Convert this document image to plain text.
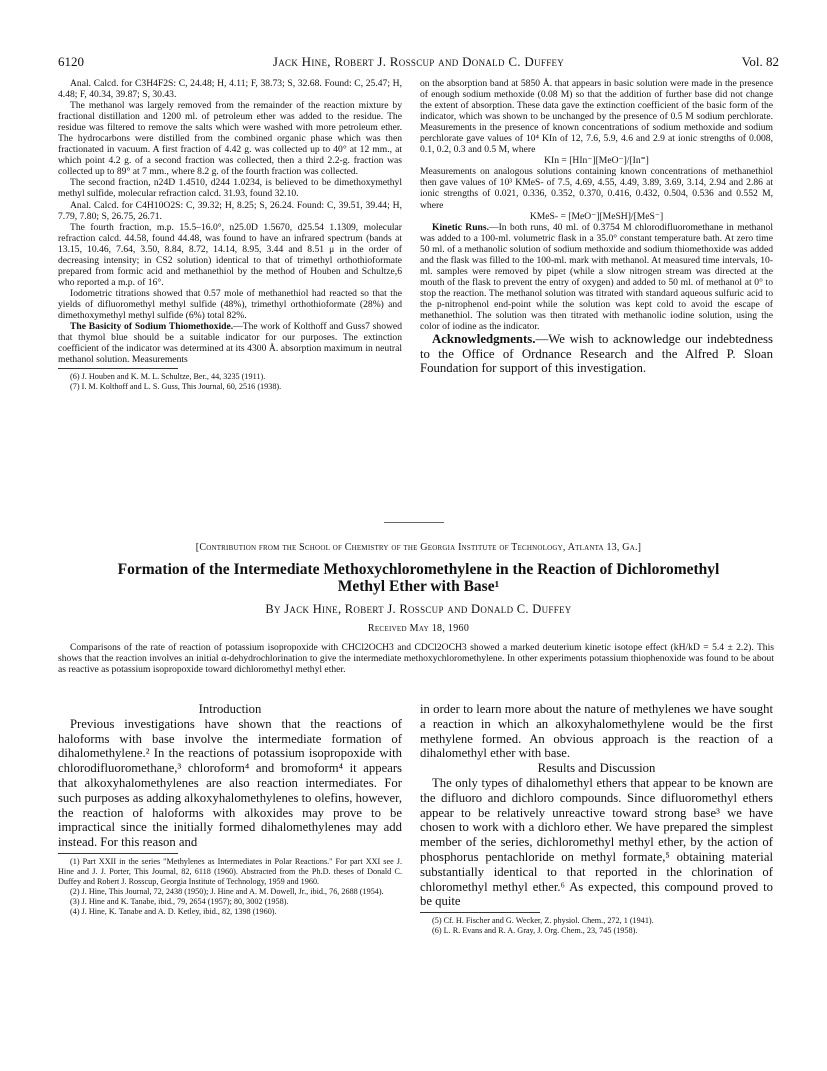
6120	Jack Hine, Robert J. Rosscup and Donald C. Duffey	Vol. 82

Anal. Calcd. for C3H4F2S: C, 24.48; H, 4.11; F, 38.73; S, 32.68. Found: C, 25.47; H, 4.48; F, 40.34, 39.87; S, 30.43.

The methanol was largely removed from the remainder of the reaction mixture by fractional distillation and 1200 ml. of petroleum ether was added to the residue. The residue was filtered to remove the salts which were washed with more petroleum ether. The hydrocarbons were distilled from the combined organic phase which was then fractionated in vacuum. A first fraction of 4.42 g. was collected up to 40° at 12 mm., at which point 4.2 g. of a second fraction was collected, then a third 2.2-g. fraction was collected up to 89° at 7 mm., where 8.2 g. of the fourth fraction was collected.

The second fraction, n24D 1.4510, d244 1.0234, is believed to be dimethoxymethyl methyl sulfide, molecular refraction calcd. 31.93, found 32.10.

Anal. Calcd. for C4H10O2S: C, 39.32; H, 8.25; S, 26.24. Found: C, 39.51, 39.44; H, 7.79, 7.80; S, 26.75, 26.71.

The fourth fraction, m.p. 15.5–16.0°, n25.0D 1.5670, d25.54 1.1309, molecular refraction calcd. 44.58, found 44.48, was found to have an infrared spectrum (bands at 13.15, 10.46, 7.64, 3.50, 8.84, 8.72, 14.14, 8.95, 3.44 and 8.51 μ in the order of decreasing intensity; in CS2 solution) identical to that of trimethyl orthothioformate prepared from formic acid and methanethiol by the method of Houben and Schultze,6 who reported a m.p. of 16°.

Iodometric titrations showed that 0.57 mole of methanethiol had reacted so that the yields of difluoromethyl methyl sulfide (48%), trimethyl orthothioformate (28%) and dimethoxymethyl methyl sulfide (6%) total 82%.

The Basicity of Sodium Thiomethoxide.—The work of Kolthoff and Guss7 showed that thymol blue should be a suitable indicator for our purposes. The extinction coefficient of the indicator was determined at its 4300 Å. absorption maximum in neutral methanol solution. Measurements

(6) J. Houben and K. M. L. Schultze, Ber., 44, 3235 (1911).

(7) I. M. Kolthoff and L. S. Guss, This Journal, 60, 2516 (1938).

on the absorption band at 5850 Å. that appears in basic solution were made in the presence of enough sodium methoxide (0.08 M) so that the addition of further base did not change the extent of absorption. These data gave the extinction coefficient of the basic form of the indicator, which was shown to be unchanged by the presence of 0.5 M sodium perchlorate. Measurements in the presence of known concentrations of sodium methoxide and sodium perchlorate gave values of 10⁴ KIn of 12, 7.6, 5.9, 4.6 and 2.9 at ionic strengths of 0.008, 0.1, 0.2, 0.3 and 0.5 M, where

KIn = [HIn⁻][MeO⁻]/[In⁼]

Measurements on analogous solutions containing known concentrations of methanethiol then gave values of 10³ KMeS- of 7.5, 4.69, 4.55, 4.49, 3.89, 3.69, 3.14, 2.94 and 2.86 at ionic strengths of 0.021, 0.336, 0.352, 0.370, 0.416, 0.432, 0.504, 0.536 and 0.552 M, where

KMeS- = [MeO⁻][MeSH]/[MeS⁻]

Kinetic Runs.—In both runs, 40 ml. of 0.3754 M chlorodifluoromethane in methanol was added to a 100-ml. volumetric flask in a 35.0° constant temperature bath. At zero time 50 ml. of a methanolic solution of sodium methoxide and sodium thiomethoxide was added and the flask was filled to the 100-ml. mark with methanol. At measured time intervals, 10-ml. samples were removed by pipet (while a slow nitrogen stream was directed at the mouth of the flask to prevent the entry of oxygen) and added to 50 ml. of methanol at 0° to stop the reaction. The methanol solution was titrated with standard aqueous sulfuric acid to the p-nitrophenol end-point while the solution was kept cold to avoid the escape of methanethiol. The solution was then titrated with methanolic iodine solution, using the color of iodine as the indicator.

Acknowledgments.—We wish to acknowledge our indebtedness to the Office of Ordnance Research and the Alfred P. Sloan Foundation for support of this investigation.

[Contribution from the School of Chemistry of the Georgia Institute of Technology, Atlanta 13, Ga.]
Formation of the Intermediate Methoxychloromethylene in the Reaction of Dichloromethyl Methyl Ether with Base¹
By Jack Hine, Robert J. Rosscup and Donald C. Duffey
Received May 18, 1960
Comparisons of the rate of reaction of potassium isopropoxide with CHCl2OCH3 and CDCl2OCH3 showed a marked deuterium kinetic isotope effect (kH/kD = 5.4 ± 2.2). This shows that the reaction involves an initial α-dehydrochlorination to give the intermediate methoxychloromethylene. In other experiments potassium thiophenoxide was found to be about as reactive as potassium isopropoxide toward dichloromethyl methyl ether.

Introduction

Previous investigations have shown that the reactions of haloforms with base involve the intermediate formation of dihalomethylene.² In the reactions of potassium isopropoxide with chlorodifluoromethane,³ chloroform⁴ and bromoform⁴ it appears that alkoxyhalomethylenes are also reaction intermediates. For such purposes as adding alkoxyhalomethylenes to olefins, however, the reaction of haloforms with alkoxides may prove to be impractical since the initially formed dihalomethylenes may add instead. For this reason and

(1) Part XXII in the series "Methylenes as Intermediates in Polar Reactions." For part XXI see J. Hine and J. J. Porter, This Journal, 82, 6118 (1960). Abstracted from the Ph.D. theses of Donald C. Duffey and Robert J. Rosscup, Georgia Institute of Technology, 1959 and 1960.

(2) J. Hine, This Journal, 72, 2438 (1950); J. Hine and A. M. Dowell, Jr., ibid., 76, 2688 (1954).

(3) J. Hine and K. Tanabe, ibid., 79, 2654 (1957); 80, 3002 (1958).

(4) J. Hine, K. Tanabe and A. D. Ketley, ibid., 82, 1398 (1960).

in order to learn more about the nature of methylenes we have sought a reaction in which an alkoxyhalomethylene would be the first methylene formed. An obvious approach is the reaction of a dihalomethyl ether with base.

Results and Discussion

The only types of dihalomethyl ethers that appear to be known are the difluoro and dichloro compounds. Since difluoromethyl ethers appear to be relatively unreactive toward strong base³ we have chosen to work with a dichloro ether. We have prepared the simplest member of the series, dichloromethyl methyl ether, by the action of phosphorus pentachloride on methyl formate,⁵ obtaining material substantially identical to that reported in the chlorination of chloromethyl methyl ether.⁶ As expected, this compound proved to be quite

(5) Cf. H. Fischer and G. Wecker, Z. physiol. Chem., 272, 1 (1941).

(6) L. R. Evans and R. A. Gray, J. Org. Chem., 23, 745 (1958).
